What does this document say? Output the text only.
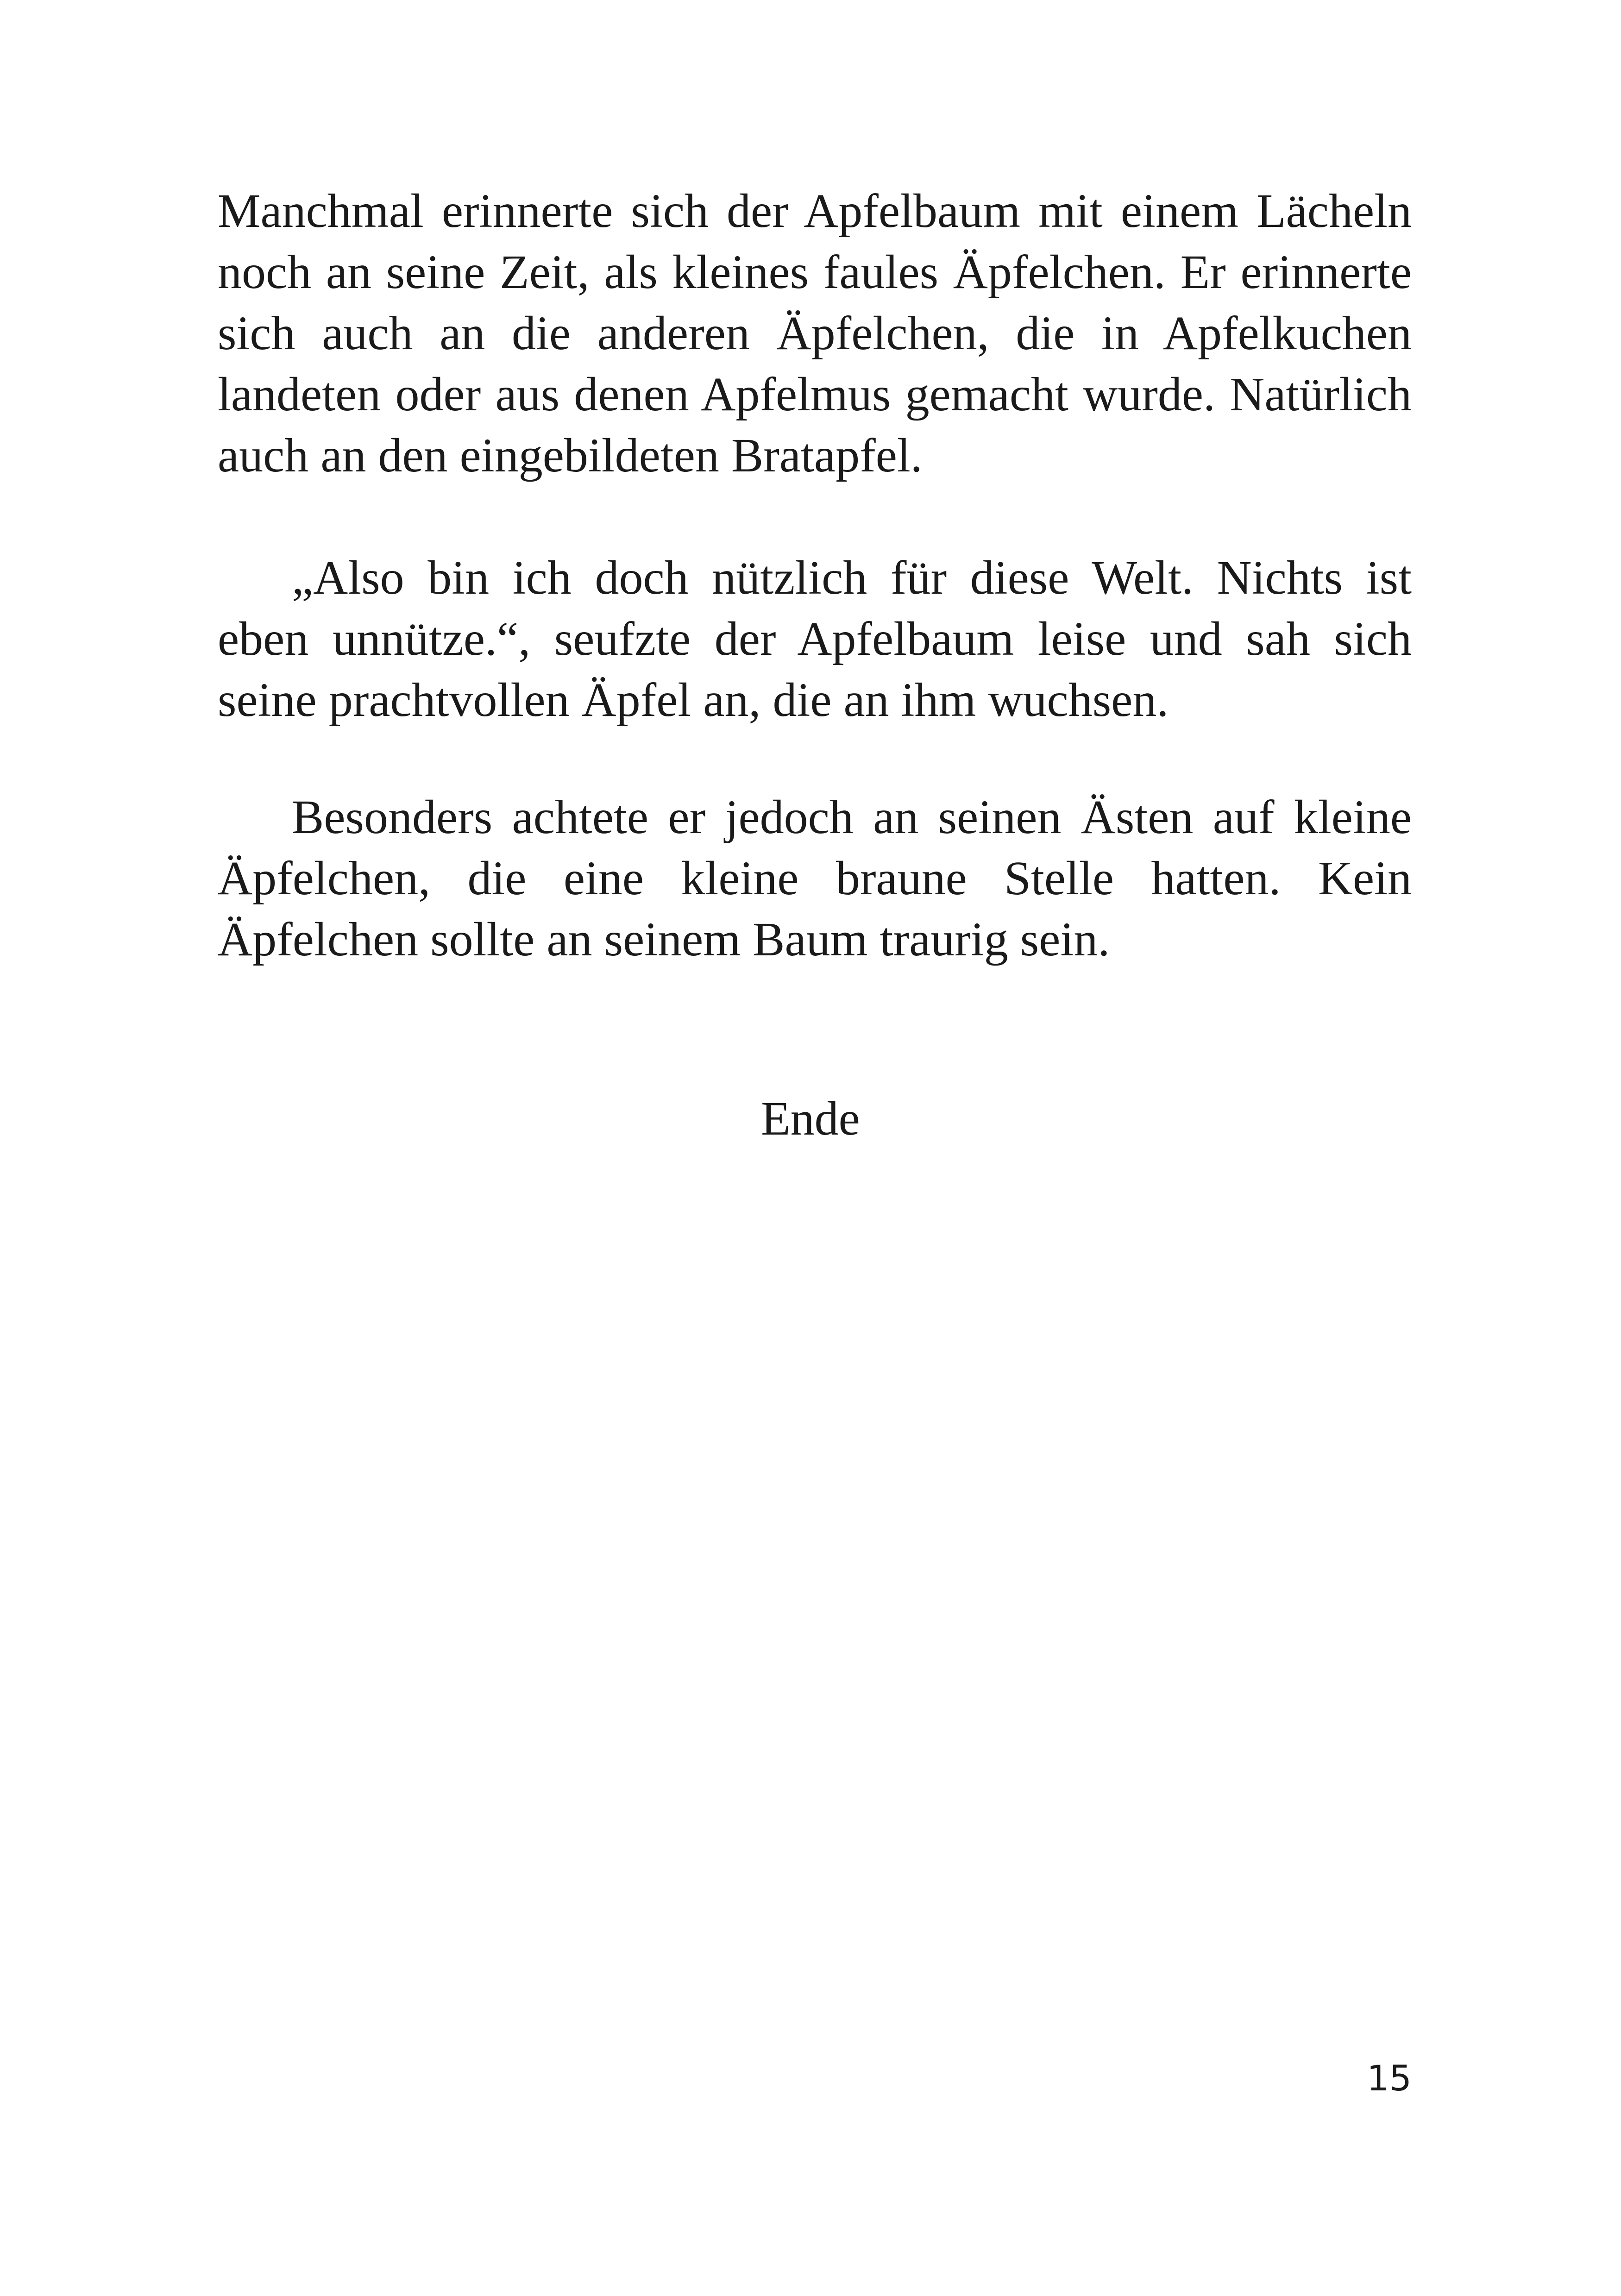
Manchmal erinnerte sich der Apfelbaum mit einem Lächeln noch an seine Zeit, als kleines faules Äpfelchen. Er erinnerte sich auch an die anderen Äpfelchen, die in Apfelkuchen landeten oder aus denen Apfelmus gemacht wurde. Natürlich auch an den eingebildeten Bratapfel.

„Also bin ich doch nützlich für diese Welt. Nichts ist eben unnütze.“, seufzte der Apfelbaum leise und sah sich seine prachtvollen Äpfel an, die an ihm wuchsen.

Besonders achtete er jedoch an seinen Ästen auf kleine Äpfelchen, die eine kleine braune Stelle hatten. Kein Äpfelchen sollte an seinem Baum traurig sein.

Ende

15
